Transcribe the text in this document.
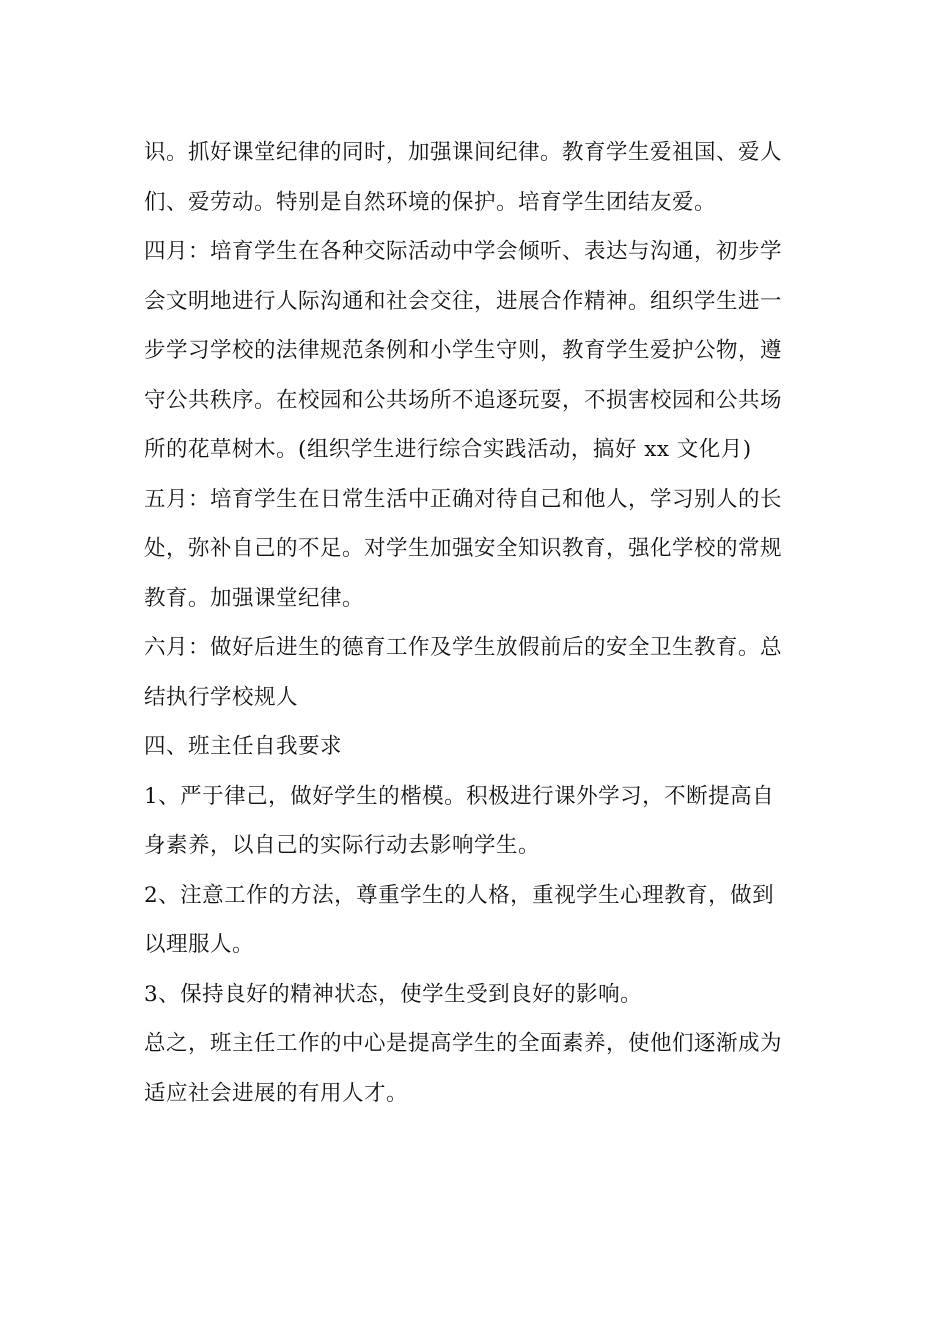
识。抓好课堂纪律的同时，加强课间纪律。教育学生爱祖国、爱人
们、爱劳动。特别是自然环境的保护。培育学生团结友爱。
四月：培育学生在各种交际活动中学会倾听、表达与沟通，初步学
会文明地进行人际沟通和社会交往，进展合作精神。组织学生进一
步学习学校的法律规范条例和小学生守则，教育学生爱护公物，遵
守公共秩序。在校园和公共场所不追逐玩耍，不损害校园和公共场
所的花草树木。(组织学生进行综合实践活动，搞好 xx 文化月)
五月：培育学生在日常生活中正确对待自己和他人，学习别人的长
处，弥补自己的不足。对学生加强安全知识教育，强化学校的常规
教育。加强课堂纪律。
六月：做好后进生的德育工作及学生放假前后的安全卫生教育。总
结执行学校规人
四、班主任自我要求
1、严于律己，做好学生的楷模。积极进行课外学习，不断提高自
身素养，以自己的实际行动去影响学生。
2、注意工作的方法，尊重学生的人格，重视学生心理教育，做到
以理服人。
3、保持良好的精神状态，使学生受到良好的影响。
总之，班主任工作的中心是提高学生的全面素养，使他们逐渐成为
适应社会进展的有用人才。
